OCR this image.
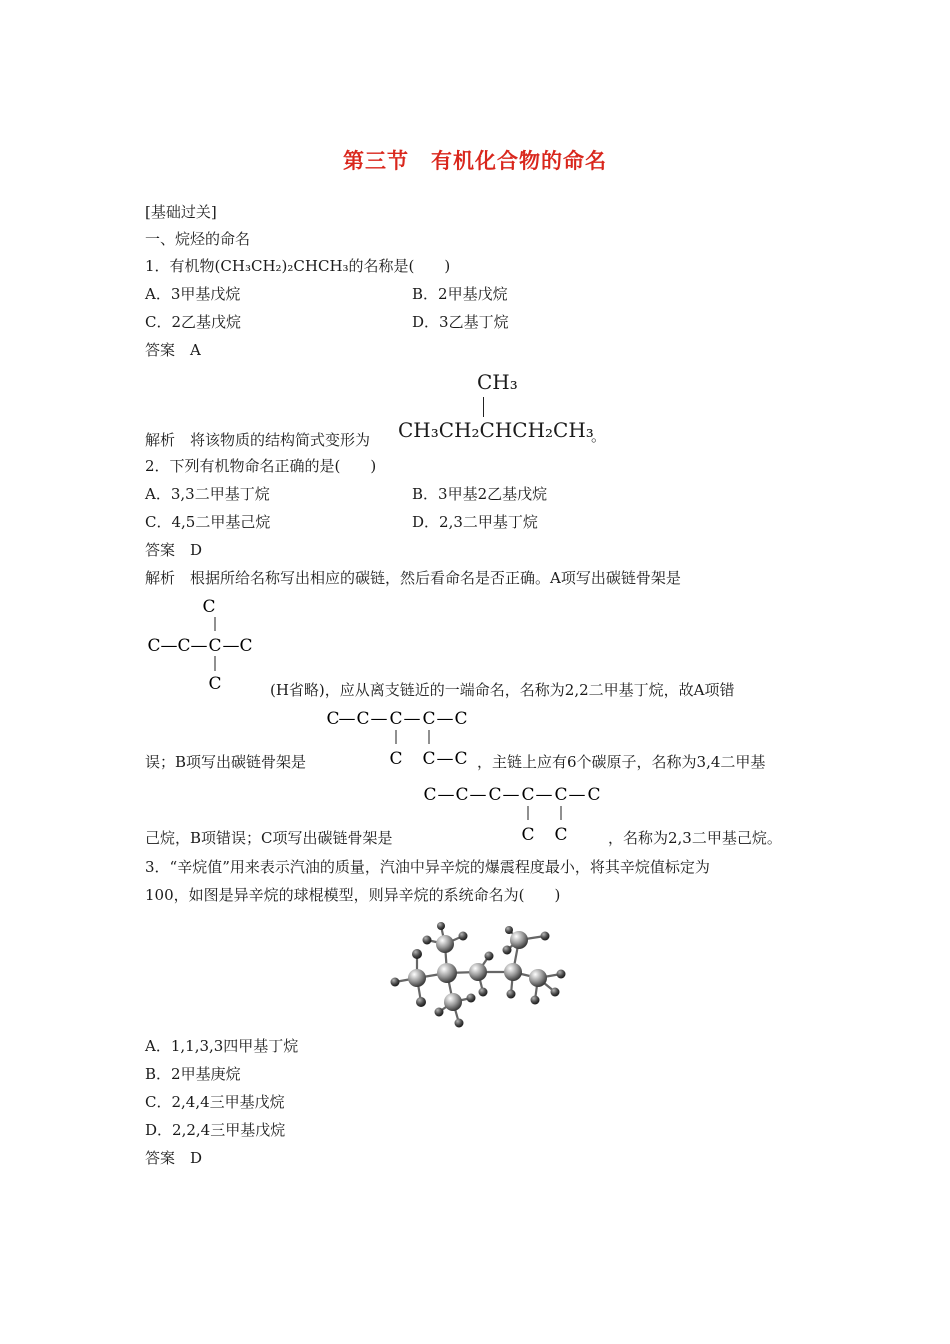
第三节　有机化合物的命名
[基础过关]
一、烷烃的命名
1．有机物(CH₃CH₂)₂CHCH₃的名称是(　　)
A．3甲基戊烷	B．2甲基戊烷
C．2乙基戊烷	D．3乙基丁烷
答案　A
解析　将该物质的结构简式变形为
CH₃
CH₃CH₂CHCH₂CH₃
。
2．下列有机物命名正确的是(　　)
A．3,3二甲基丁烷	B．3甲基2乙基戊烷
C．4,5二甲基己烷	D．2,3二甲基丁烷
答案　D
解析　根据所给名称写出相应的碳链，然后看命名是否正确。A项写出碳链骨架是
C
C — C — C — C
C	(H省略)，应从离支链近的一端命名，名称为2,2二甲基丁烷，故A项错
C
— C — C — C — C
C C — C
误；B项写出碳链骨架是	，主链上应有6个碳原子，名称为3,4二甲基
C — C — C — C — C — C
C C
己烷，B项错误；C项写出碳链骨架是	，名称为2,3二甲基己烷。
3．“辛烷值”用来表示汽油的质量，汽油中异辛烷的爆震程度最小，将其辛烷值标定为
100，如图是异辛烷的球棍模型，则异辛烷的系统命名为(　　)
A．1,1,3,3四甲基丁烷
B．2甲基庚烷
C．2,4,4三甲基戊烷
D．2,2,4三甲基戊烷
答案　D
